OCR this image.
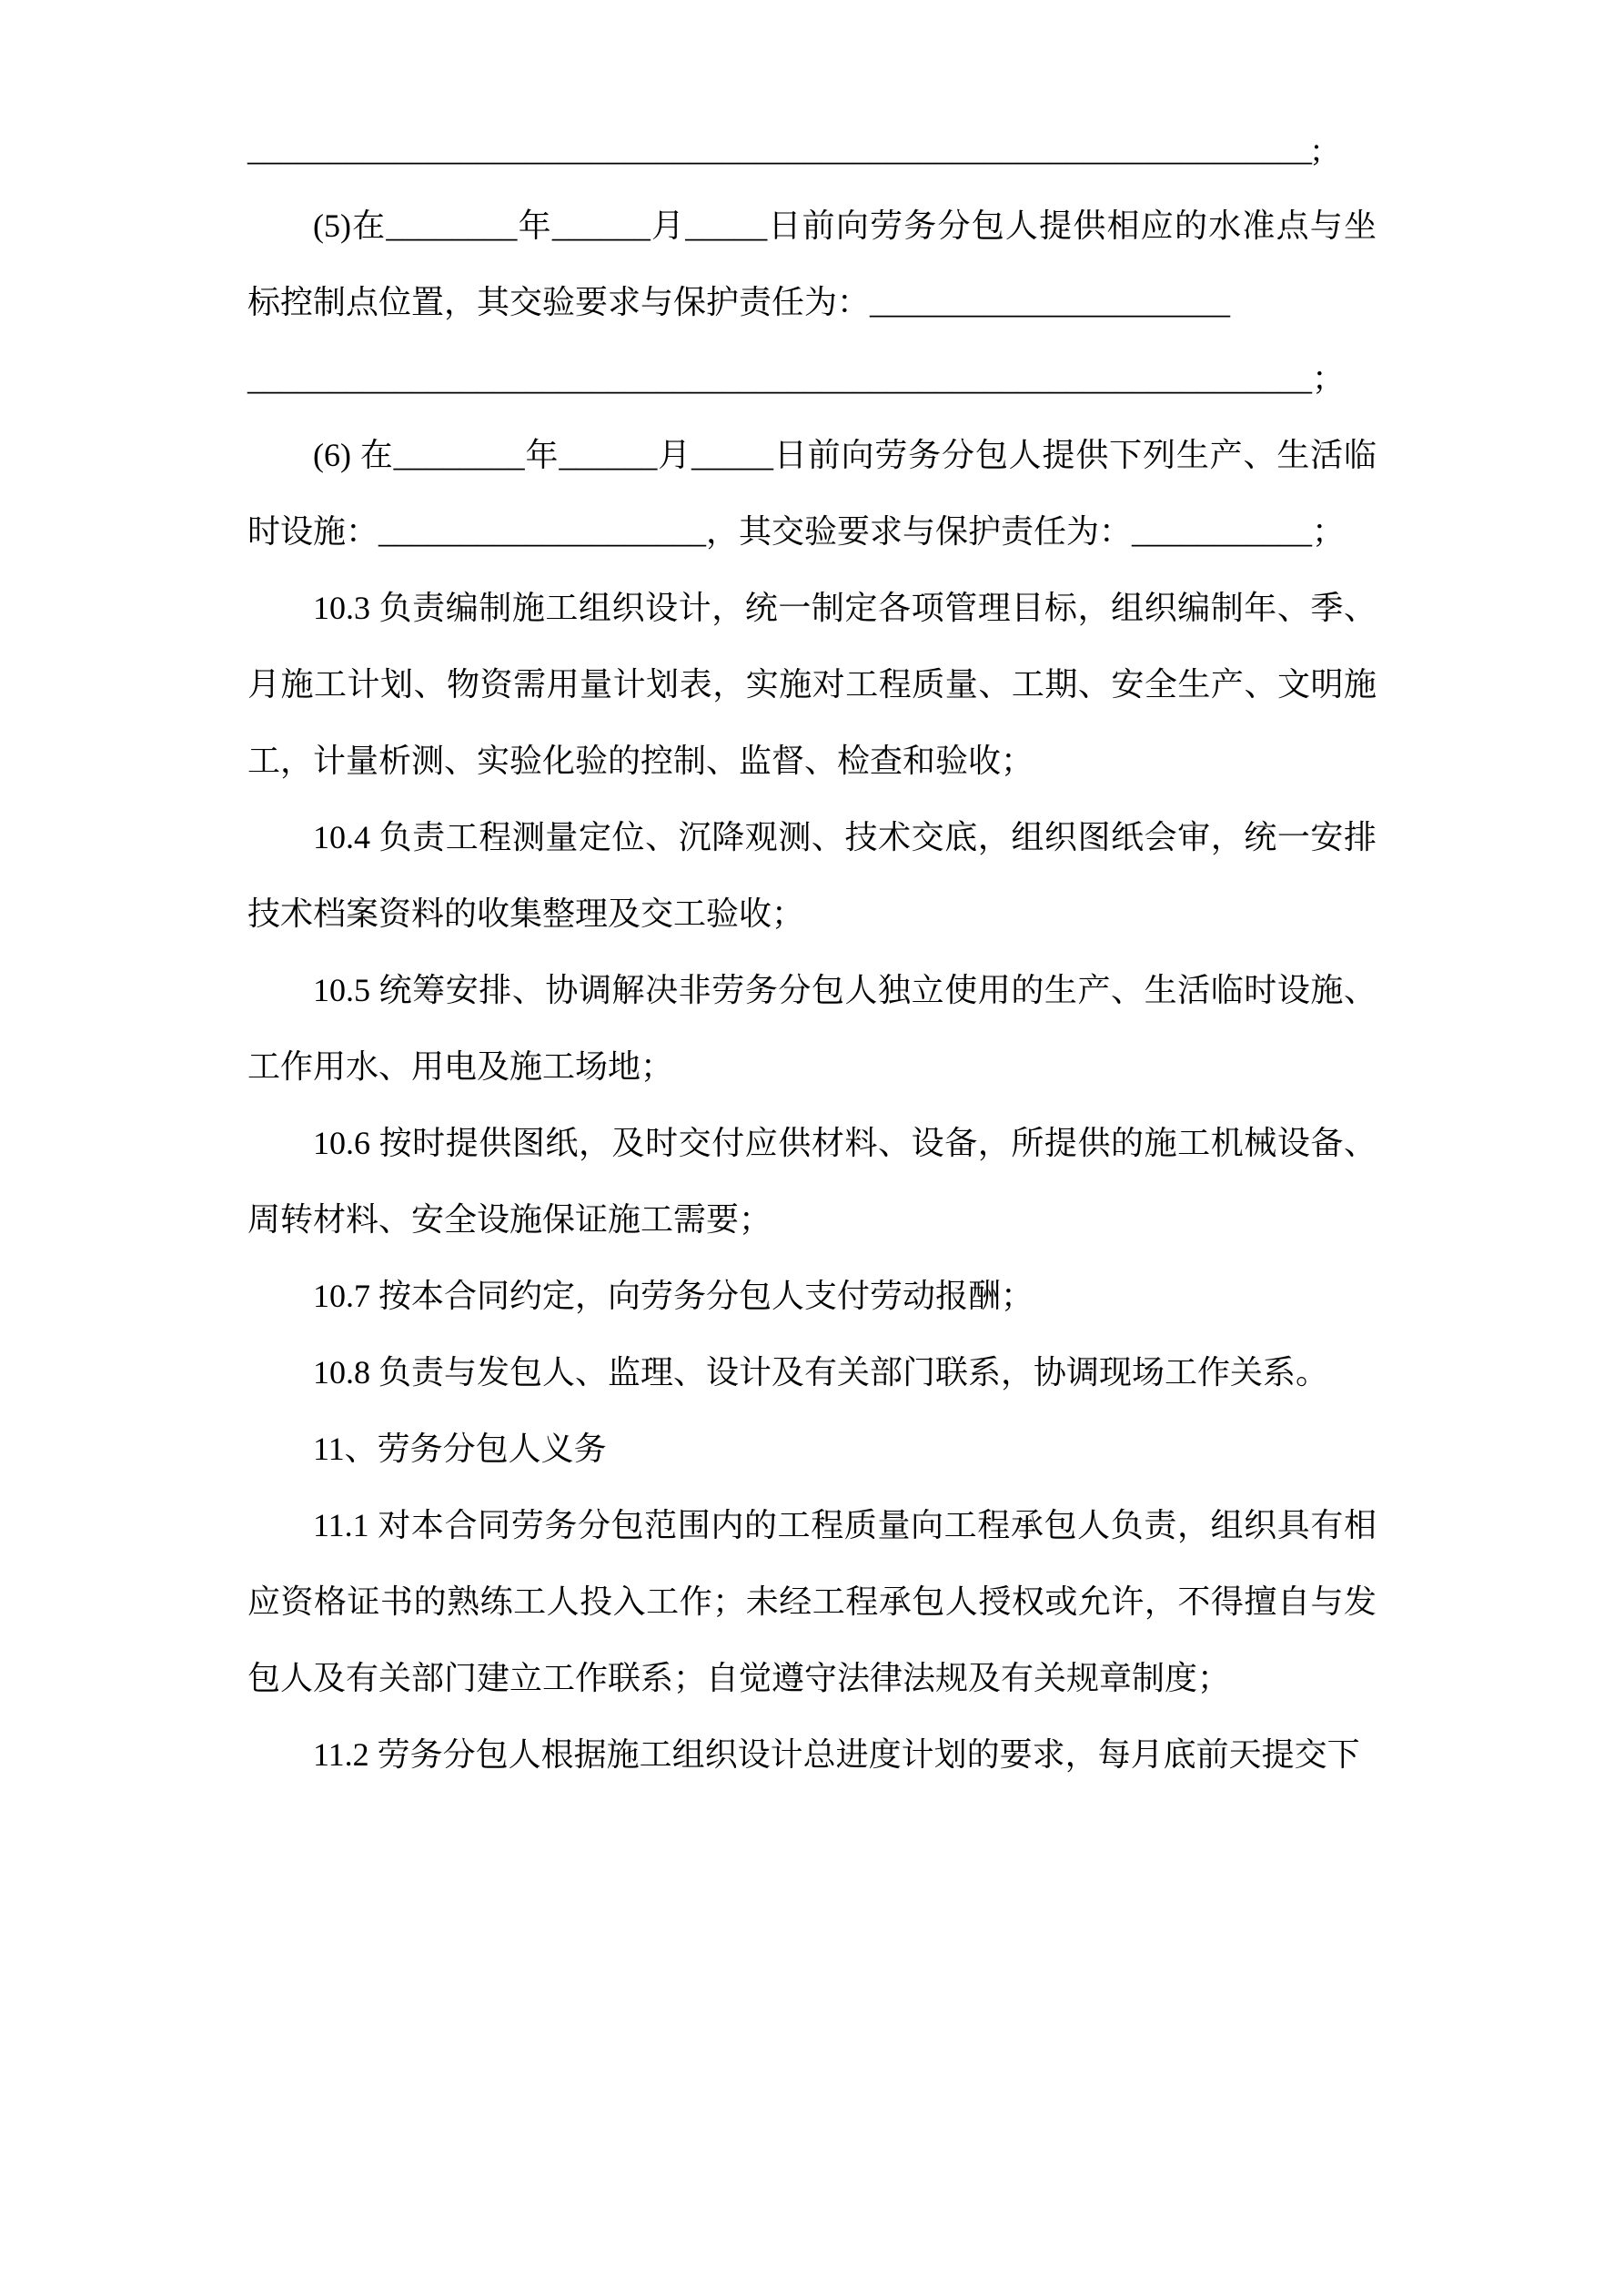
_________________________________________________________________;

(5)在________年______月_____日前向劳务分包人提供相应的水准点与坐标控制点位置，其交验要求与保护责任为：______________________

_________________________________________________________________；

(6) 在________年______月_____日前向劳务分包人提供下列生产、生活临时设施：____________________，其交验要求与保护责任为：___________；

10.3 负责编制施工组织设计，统一制定各项管理目标，组织编制年、季、月施工计划、物资需用量计划表，实施对工程质量、工期、安全生产、文明施工，计量析测、实验化验的控制、监督、检查和验收；

10.4 负责工程测量定位、沉降观测、技术交底，组织图纸会审，统一安排技术档案资料的收集整理及交工验收；

10.5 统筹安排、协调解决非劳务分包人独立使用的生产、生活临时设施、工作用水、用电及施工场地；

10.6 按时提供图纸，及时交付应供材料、设备，所提供的施工机械设备、周转材料、安全设施保证施工需要；

10.7 按本合同约定，向劳务分包人支付劳动报酬；

10.8 负责与发包人、监理、设计及有关部门联系，协调现场工作关系。

11、劳务分包人义务

11.1 对本合同劳务分包范围内的工程质量向工程承包人负责，组织具有相应资格证书的熟练工人投入工作；未经工程承包人授权或允许，不得擅自与发包人及有关部门建立工作联系；自觉遵守法律法规及有关规章制度；

11.2 劳务分包人根据施工组织设计总进度计划的要求，每月底前天提交下
